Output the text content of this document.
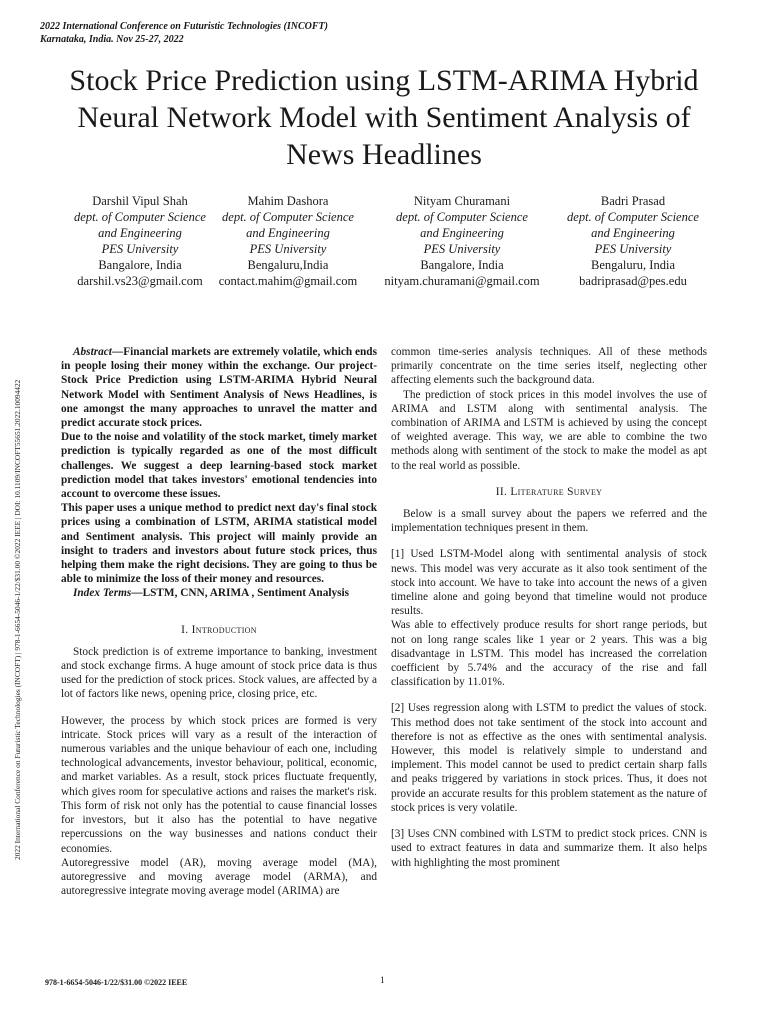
2022 International Conference on Futuristic Technologies (INCOFT)
Karnataka, India. Nov 25-27, 2022
Stock Price Prediction using LSTM-ARIMA Hybrid Neural Network Model with Sentiment Analysis of News Headlines
Darshil Vipul Shah
dept. of Computer Science
and Engineering
PES University
Bangalore, India
darshil.vs23@gmail.com
Mahim Dashora
dept. of Computer Science
and Engineering
PES University
Bengaluru,India
contact.mahim@gmail.com
Nityam Churamani
dept. of Computer Science
and Engineering
PES University
Bangalore, India
nityam.churamani@gmail.com
Badri Prasad
dept. of Computer Science
and Engineering
PES University
Bengaluru, India
badriprasad@pes.edu
2022 International Conference on Futuristic Technologies (INCOFT) | 978-1-6654-5046-1/22/$31.00 ©2022 IEEE | DOI: 10.1109/INCOFT55651.2022.10094422

Abstract—Financial markets are extremely volatile, which ends in people losing their money within the exchange. Our project- Stock Price Prediction using LSTM-ARIMA Hybrid Neural Network Model with Sentiment Analysis of News Headlines, is one amongst the many approaches to unravel the matter and predict accurate stock prices.

Due to the noise and volatility of the stock market, timely market prediction is typically regarded as one of the most difficult challenges. We suggest a deep learning-based stock market prediction model that takes investors' emotional tendencies into account to overcome these issues.

This paper uses a unique method to predict next day's final stock prices using a combination of LSTM, ARIMA statistical model and Sentiment analysis. This project will mainly provide an insight to traders and investors about future stock prices, thus helping them make the right decisions. They are going to thus be able to minimize the loss of their money and resources.

Index Terms—LSTM, CNN, ARIMA , Sentiment Analysis

I. Introduction

Stock prediction is of extreme importance to banking, investment and stock exchange firms. A huge amount of stock price data is thus used for the prediction of stock prices. Stock values, are affected by a lot of factors like news, opening price, closing price, etc.

However, the process by which stock prices are formed is very intricate. Stock prices will vary as a result of the interaction of numerous variables and the unique behaviour of each one, including technological advancements, investor behaviour, political, economic, and market variables. As a result, stock prices fluctuate frequently, which gives room for speculative actions and raises the market's risk. This form of risk not only has the potential to cause financial losses for investors, but it also has the potential to have negative repercussions on the way businesses and nations conduct their economies.

Autoregressive model (AR), moving average model (MA), autoregressive and moving average model (ARMA), and autoregressive integrate moving average model (ARIMA) are

common time-series analysis techniques. All of these methods primarily concentrate on the time series itself, neglecting other affecting elements such the background data.

The prediction of stock prices in this model involves the use of ARIMA and LSTM along with sentimental analysis. The combination of ARIMA and LSTM is achieved by using the concept of weighted average. This way, we are able to combine the two methods along with sentiment of the stock to make the model as apt to the real world as possible.

II. Literature Survey

Below is a small survey about the papers we referred and the implementation techniques present in them.

[1] Used LSTM-Model along with sentimental analysis of stock news. This model was very accurate as it also took sentiment of the stock into account. We have to take into account the news of a given timeline alone and going beyond that timeline would not produce results.

Was able to effectively produce results for short range periods, but not on long range scales like 1 year or 2 years. This was a big disadvantage in LSTM. This model has increased the correlation coefficient by 5.74% and the accuracy of the rise and fall classification by 11.01%.

[2] Uses regression along with LSTM to predict the values of stock. This method does not take sentiment of the stock into account and therefore is not as effective as the ones with sentimental analysis. However, this model is relatively simple to understand and implement. This model cannot be used to predict certain sharp falls and peaks triggered by variations in stock prices. Thus, it does not provide an accurate results for this problem statement as the nature of stock prices is very volatile.

[3] Uses CNN combined with LSTM to predict stock prices. CNN is used to extract features in data and summarize them. It also helps with highlighting the most prominent

978-1-6654-5046-1/22/$31.00 ©2022 IEEE	1
